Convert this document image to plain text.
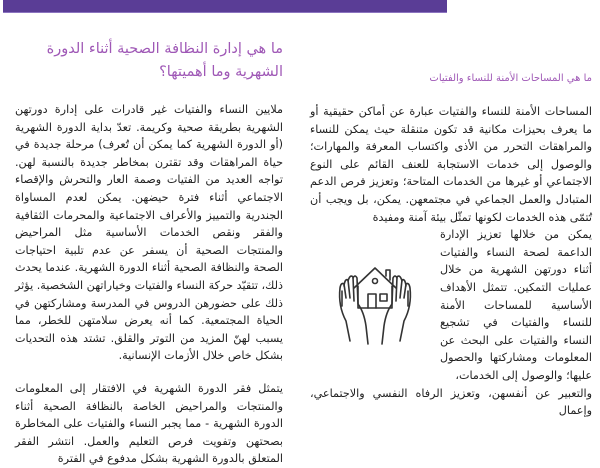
ما هي إدارة النظافة الصحية أثناء الدورة الشهرية وما أهميتها؟

ملايين النساء والفتيات غير قادرات على إدارة دورتهن الشهرية بطريقة صحية وكريمة. تعدّ بداية الدورة الشهرية (أو الدورة الشهرية كما يمكن أن تُعرف) مرحلة جديدة في حياة المراهقات وقد تقترن بمخاطر جديدة بالنسبة لهن. تواجه العديد من الفتيات وصمة العار والتحرش والإقصاء الاجتماعي أثناء فترة حيضهن. يمكن لعدم المساواة الجندرية والتمييز والأعراف الاجتماعية والمحرمات الثقافية والفقر ونقص الخدمات الأساسية مثل المراحيض والمنتجات الصحية أن يسفر عن عدم تلبية احتياجات الصحة والنظافة الصحية أثناء الدورة الشهرية. عندما يحدث ذلك، تتقيّد حركة النساء والفتيات وخياراتهن الشخصية. يؤثر ذلك على حضورهن الدروس في المدرسة ومشاركتهن في الحياة المجتمعية. كما أنه يعرض سلامتهن للخطر، مما يسبب لهنّ المزيد من التوتر والقلق. تشتد هذه التحديات بشكل خاص خلال الأزمات الإنسانية.

يتمثل فقر الدورة الشهرية في الافتقار إلى المعلومات والمنتجات والمراحيض الخاصة بالنظافة الصحية أثناء الدورة الشهرية - مما يجبر النساء والفتيات على المخاطرة بصحتهن وتفويت فرص التعليم والعمل. انتشر الفقر المتعلق بالدورة الشهرية بشكل مدفوع في الفترة

ما هي المساحات الأمنة للنساء والفتيات

المساحات الأمنة للنساء والفتيات عبارة عن أماكن حقيقية أو ما يعرف بحيزات مكانية قد تكون متنقلة حيث يمكن للنساء والمراهقات التحرر من الأذى واكتساب المعرفة والمهارات؛ والوصول إلى خدمات الاستجابة للعنف القائم على النوع الاجتماعي أو غيرها من الخدمات المتاحة؛ وتعزيز فرص الدعم المتبادل والعمل الجماعي في مجتمعهن. يمكن، بل ويجب أن تُتمّى هذه الخدمات لكونها تمثّل بيئة آمنة ومفيدة

يمكن من خلالها تعزيز الإدارة الداعمة لصحة النساء والفتيات أثناء دورتهن الشهرية من خلال عمليات التمكين. تتمثل الأهداف الأساسية للمساحات الأمنة للنساء والفتيات في تشجيع النساء والفتيات على البحث عن المعلومات ومشاركتها والحصول عليها؛ والوصول إلى الخدمات،

والتعبير عن أنفسهن، وتعزيز الرفاه النفسي والاجتماعي، وإعمال
